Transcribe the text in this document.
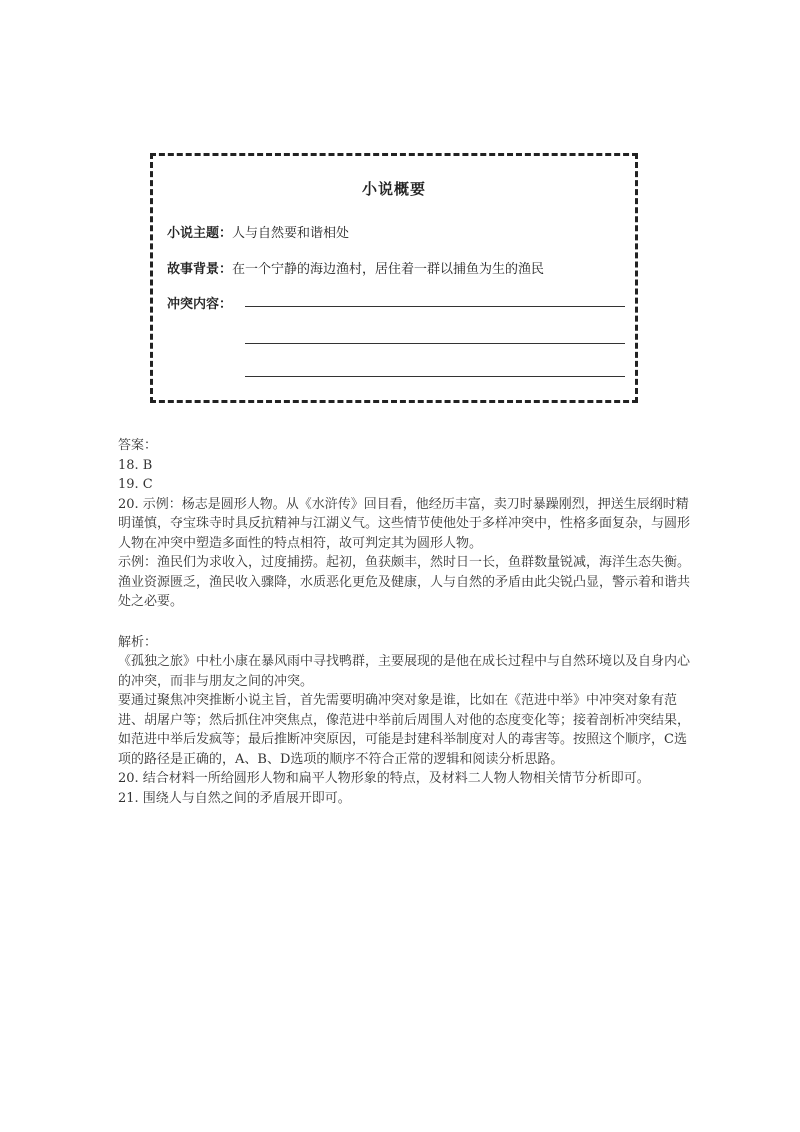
小说概要
小说主题：人与自然要和谐相处
故事背景：在一个宁静的海边渔村，居住着一群以捕鱼为生的渔民
冲突内容：

答案：

18. B

19. C

20. 示例：杨志是圆形人物。从《水浒传》回目看，他经历丰富，卖刀时暴躁刚烈，押送生辰纲时精明谨慎，夺宝珠寺时具反抗精神与江湖义气。这些情节使他处于多样冲突中，性格多面复杂，与圆形人物在冲突中塑造多面性的特点相符，故可判定其为圆形人物。

示例：渔民们为求收入，过度捕捞。起初，鱼获颇丰，然时日一长，鱼群数量锐减，海洋生态失衡。渔业资源匮乏，渔民收入骤降，水质恶化更危及健康，人与自然的矛盾由此尖锐凸显，警示着和谐共处之必要。

解析：

《孤独之旅》中杜小康在暴风雨中寻找鸭群，主要展现的是他在成长过程中与自然环境以及自身内心的冲突，而非与朋友之间的冲突。

要通过聚焦冲突推断小说主旨，首先需要明确冲突对象是谁，比如在《范进中举》中冲突对象有范进、胡屠户等；然后抓住冲突焦点，像范进中举前后周围人对他的态度变化等；接着剖析冲突结果，如范进中举后发疯等；最后推断冲突原因，可能是封建科举制度对人的毒害等。按照这个顺序，C选项的路径是正确的，A、B、D选项的顺序不符合正常的逻辑和阅读分析思路。

20. 结合材料一所给圆形人物和扁平人物形象的特点，及材料二人物人物相关情节分析即可。

21. 围绕人与自然之间的矛盾展开即可。
